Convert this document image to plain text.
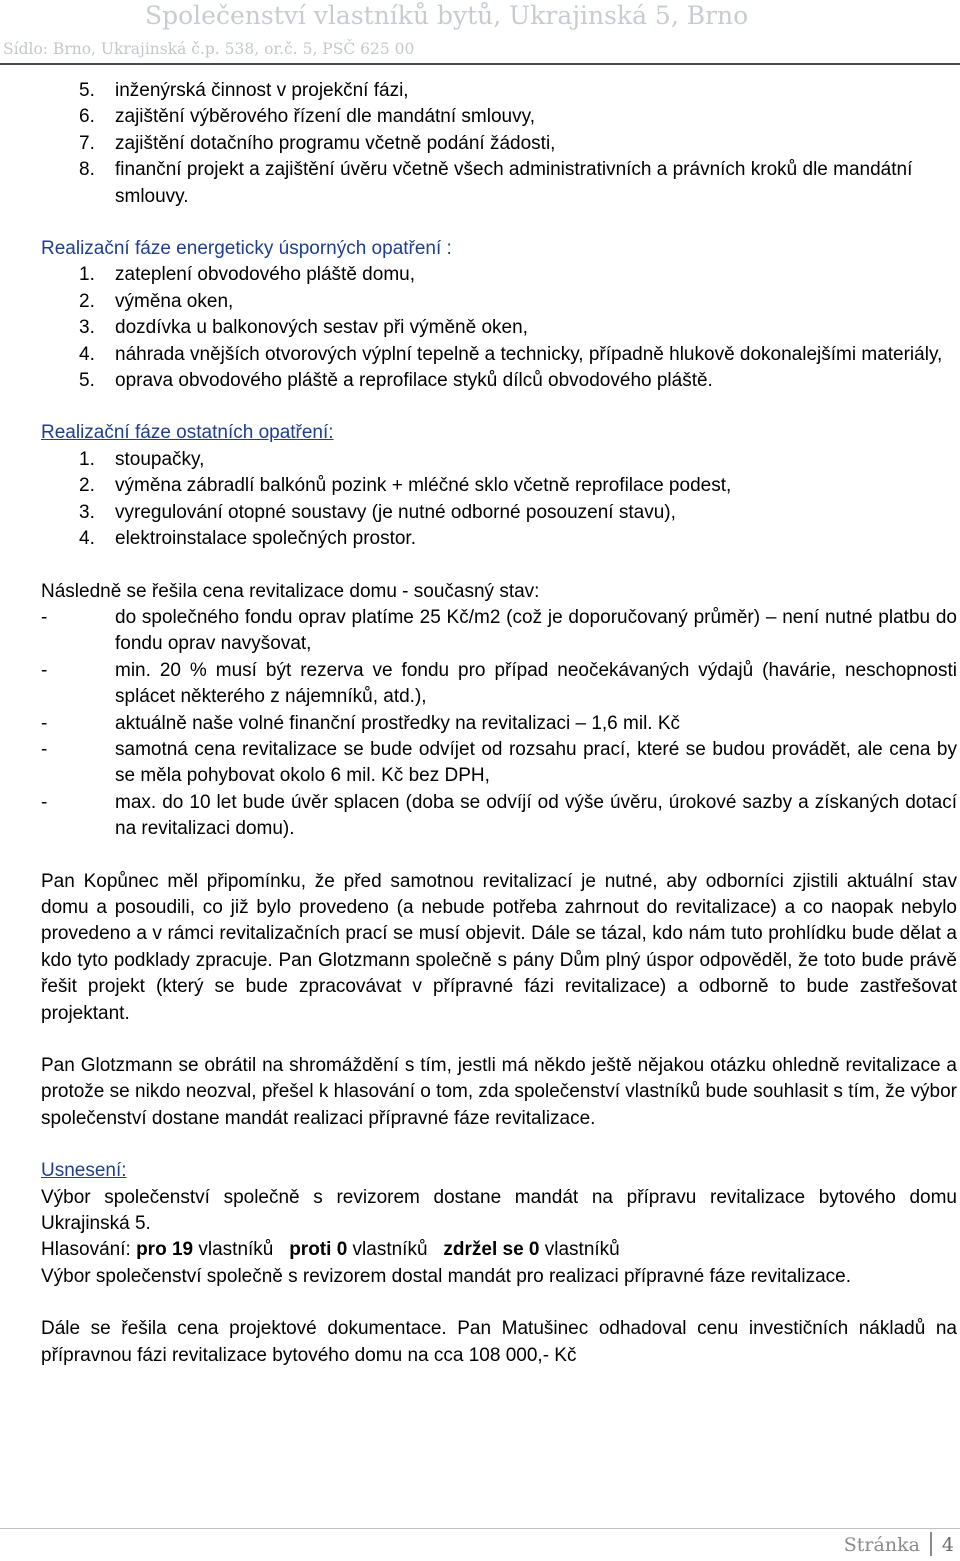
Společenství vlastníků bytů, Ukrajinská 5, Brno
Sídlo: Brno, Ukrajinská č.p. 538, or.č. 5, PSČ 625 00
5. inženýrská činnost v projekční fázi,
6. zajištění výběrového řízení dle mandátní smlouvy,
7. zajištění dotačního programu včetně podání žádosti,
8. finanční projekt a zajištění úvěru včetně všech administrativních a právních kroků dle mandátní smlouvy.
Realizační fáze energeticky úsporných opatření :
1. zateplení obvodového pláště domu,
2. výměna oken,
3. dozdívka u balkonových sestav při výměně oken,
4. náhrada vnějších otvorových výplní tepelně a technicky, případně hlukově dokonalejšími materiály,
5. oprava obvodového pláště a reprofilace styků dílců obvodového pláště.
Realizační fáze ostatních opatření:
1. stoupačky,
2. výměna zábradlí balkónů pozink + mléčné sklo včetně reprofilace podest,
3. vyregulování otopné soustavy (je nutné odborné posouzení stavu),
4. elektroinstalace společných prostor.
Následně se řešila cena revitalizace domu - současný stav:
-	do společného fondu oprav platíme 25 Kč/m2 (což je doporučovaný průměr) – není nutné platbu do fondu oprav navyšovat,
-	min. 20 % musí být rezerva ve fondu pro případ neočekávaných výdajů (havárie, neschopnosti splácet některého z nájemníků, atd.),
-	aktuálně naše volné finanční prostředky na revitalizaci – 1,6 mil. Kč
-	samotná cena revitalizace se bude odvíjet od rozsahu prací, které se budou provádět, ale cena by se měla pohybovat okolo 6 mil. Kč bez DPH,
-	max. do 10 let bude úvěr splacen (doba se odvíjí od výše úvěru, úrokové sazby a získaných dotací na revitalizaci domu).

Pan Kopůnec měl připomínku, že před samotnou revitalizací je nutné, aby odborníci zjistili aktuální stav domu a posoudili, co již bylo provedeno (a nebude potřeba zahrnout do revitalizace) a co naopak nebylo provedeno a v rámci revitalizačních prací se musí objevit. Dále se tázal, kdo nám tuto prohlídku bude dělat a kdo tyto podklady zpracuje. Pan Glotzmann společně s pány Dům plný úspor odpověděl, že toto bude právě řešit projekt (který se bude zpracovávat v přípravné fázi revitalizace) a odborně to bude zastřešovat projektant.

Pan Glotzmann se obrátil na shromáždění s tím, jestli má někdo ještě nějakou otázku ohledně revitalizace a protože se nikdo neozval, přešel k hlasování o tom, zda společenství vlastníků bude souhlasit s tím, že výbor společenství dostane mandát realizaci přípravné fáze revitalizace.

Usnesení:

Výbor společenství společně s revizorem dostane mandát na přípravu revitalizace bytového domu Ukrajinská 5.

Hlasování: pro 19 vlastníků proti 0 vlastníků zdržel se 0 vlastníků

Výbor společenství společně s revizorem dostal mandát pro realizaci přípravné fáze revitalizace.

Dále se řešila cena projektové dokumentace. Pan Matušinec odhadoval cenu investičních nákladů na přípravnou fázi revitalizace bytového domu na cca 108 000,- Kč

Stránka 4
